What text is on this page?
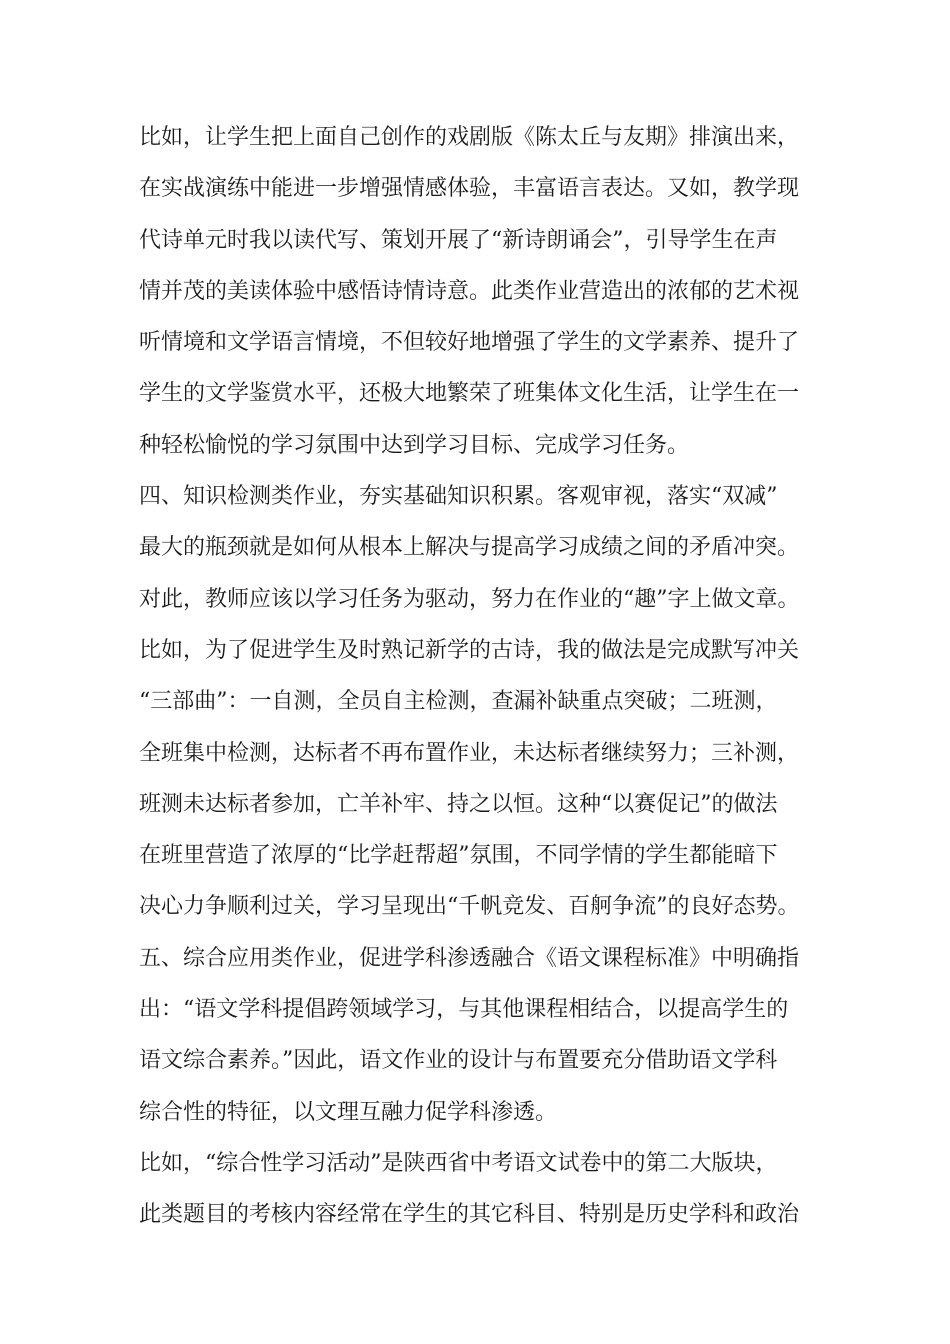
比如，让学生把上面自己创作的戏剧版《陈太丘与友期》排演出来，
在实战演练中能进一步增强情感体验，丰富语言表达。又如，教学现
代诗单元时我以读代写、策划开展了“新诗朗诵会”，引导学生在声
情并茂的美读体验中感悟诗情诗意。此类作业营造出的浓郁的艺术视
听情境和文学语言情境，不但较好地增强了学生的文学素养、提升了
学生的文学鉴赏水平，还极大地繁荣了班集体文化生活，让学生在一
种轻松愉悦的学习氛围中达到学习目标、完成学习任务。
四、知识检测类作业，夯实基础知识积累。客观审视，落实“双减”
最大的瓶颈就是如何从根本上解决与提高学习成绩之间的矛盾冲突。
对此，教师应该以学习任务为驱动，努力在作业的“趣”字上做文章。
比如，为了促进学生及时熟记新学的古诗，我的做法是完成默写冲关
“三部曲”：一自测，全员自主检测，查漏补缺重点突破；二班测，
全班集中检测，达标者不再布置作业，未达标者继续努力；三补测，
班测未达标者参加，亡羊补牢、持之以恒。这种“以赛促记”的做法
在班里营造了浓厚的“比学赶帮超”氛围，不同学情的学生都能暗下
决心力争顺利过关，学习呈现出“千帆竞发、百舸争流”的良好态势。
五、综合应用类作业，促进学科渗透融合《语文课程标准》中明确指
出：“语文学科提倡跨领域学习，与其他课程相结合，以提高学生的
语文综合素养。”因此，语文作业的设计与布置要充分借助语文学科
综合性的特征，以文理互融力促学科渗透。
比如，“综合性学习活动”是陕西省中考语文试卷中的第二大版块，
此类题目的考核内容经常在学生的其它科目、特别是历史学科和政治
